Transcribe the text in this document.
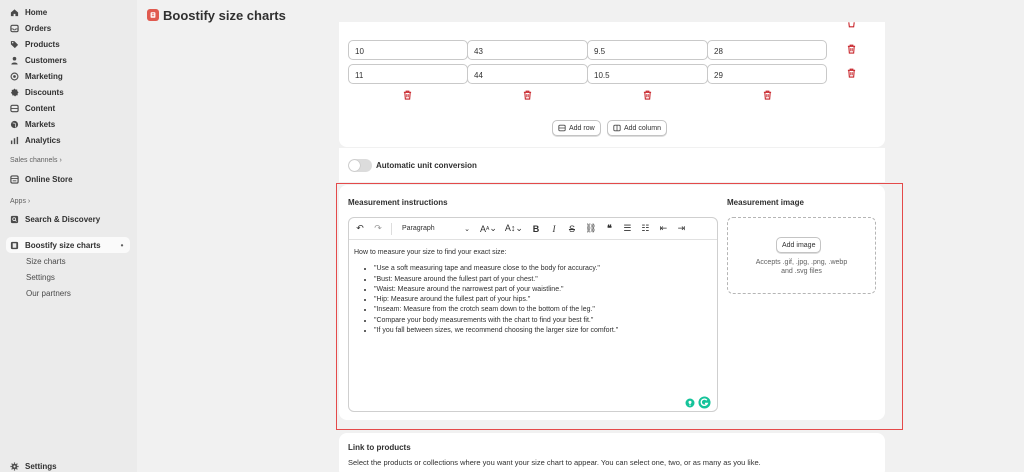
Home
Orders
Products
Customers
Marketing
Discounts
Content
Markets
Analytics
Sales channels ›
Online Store
Apps ›
Search & Discovery
Boostify size charts	•
Size charts
Settings
Our partners
Settings
Boostify size charts
10	43	9.5	28
11	44	10.5	29
Add row	Add column
Automatic unit conversion
Measurement instructions	Measurement image
↶ ↷	Paragraph	⌄ A A ⌄ A↕⌄ B	I	S ⛓ ❝ ☰ ☷ ⇤ ⇥
How to measure your size to find your exact size:
• "Use a soft measuring tape and measure close to the body for accuracy."
• "Bust: Measure around the fullest part of your chest."
• "Waist: Measure around the narrowest part of your waistline."
• "Hip: Measure around the fullest part of your hips."
• "Inseam: Measure from the crotch seam down to the bottom of the leg."
• "Compare your body measurements with the chart to find your best fit."
• "If you fall between sizes, we recommend choosing the larger size for comfort."
Add image
Accepts .gif, .jpg, .png, .webp
and .svg files
Link to products
Select the products or collections where you want your size chart to appear. You can select one, two, or as many as you like.
